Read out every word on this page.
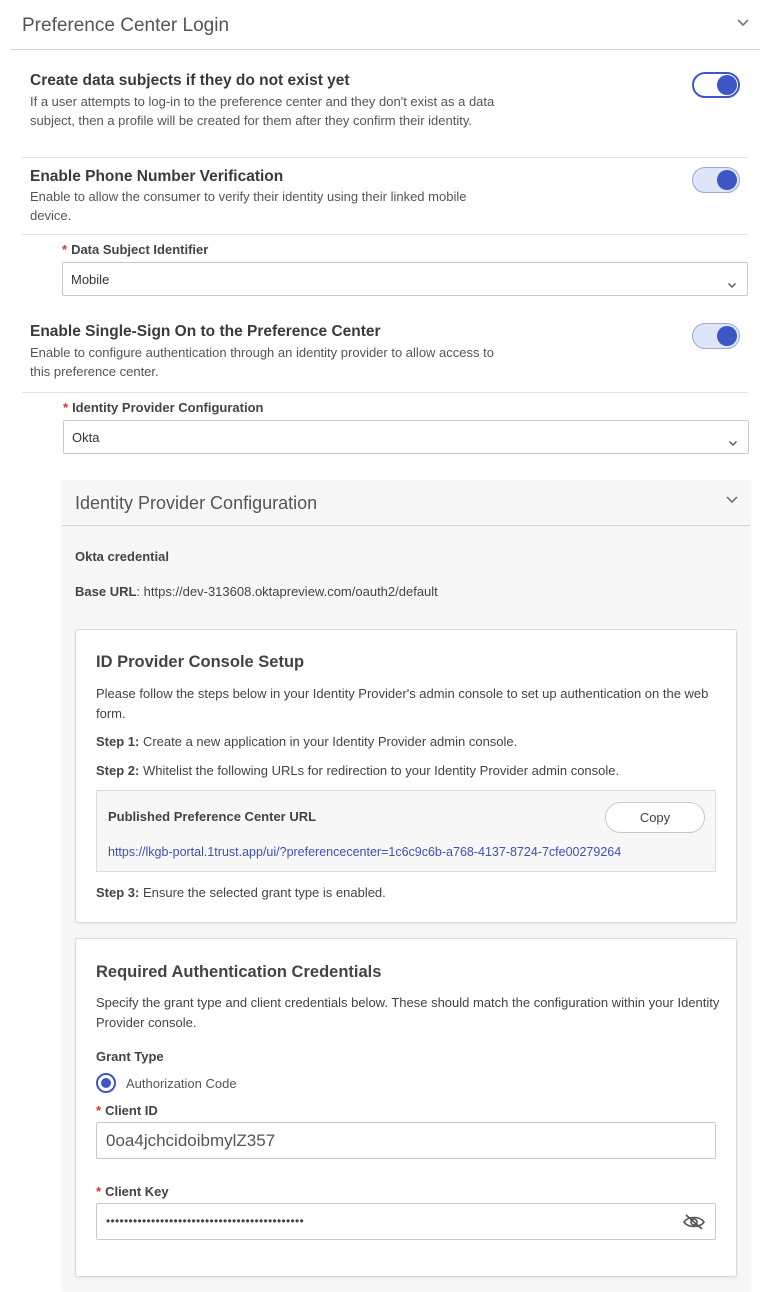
Preference Center Login
Create data subjects if they do not exist yet
If a user attempts to log-in to the preference center and they don't exist as a data subject, then a profile will be created for them after they confirm their identity.
Enable Phone Number Verification
Enable to allow the consumer to verify their identity using their linked mobile device.
* Data Subject Identifier
Mobile
Enable Single-Sign On to the Preference Center
Enable to configure authentication through an identity provider to allow access to this preference center.
* Identity Provider Configuration
Okta
Identity Provider Configuration
Okta credential
Base URL: https://dev-313608.oktapreview.com/oauth2/default
ID Provider Console Setup
Please follow the steps below in your Identity Provider's admin console to set up authentication on the web form.
Step 1: Create a new application in your Identity Provider admin console.
Step 2: Whitelist the following URLs for redirection to your Identity Provider admin console.
Published Preference Center URL	Copy
https://lkgb-portal.1trust.app/ui/?preferencecenter=1c6c9c6b-a768-4137-8724-7cfe00279264
Step 3: Ensure the selected grant type is enabled.
Required Authentication Credentials
Specify the grant type and client credentials below. These should match the configuration within your Identity Provider console.
Grant Type
Authorization Code
* Client ID
0oa4jchcidoibmylZ357
* Client Key
••••••••••••••••••••••••••••••••••••••••••••
